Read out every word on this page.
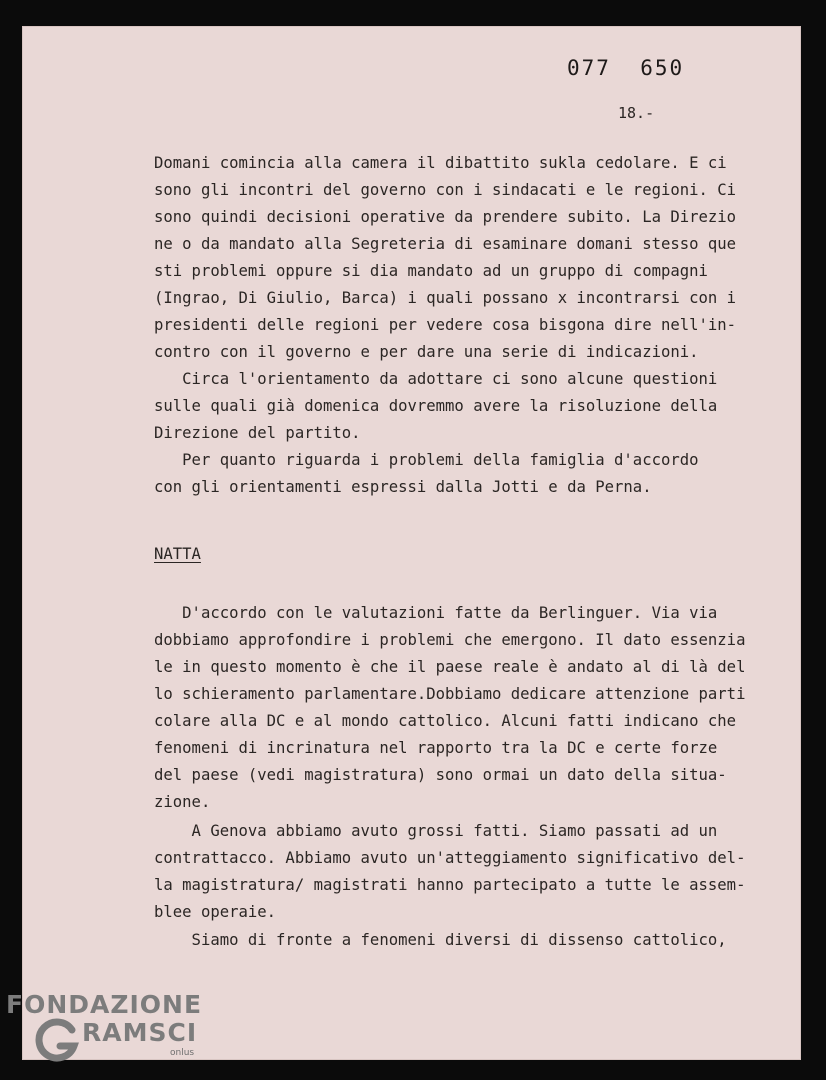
077  650
18.-
Domani comincia alla camera il dibattito sukla cedolare. E ci
sono gli incontri del governo con i sindacati e le regioni. Ci
sono quindi decisioni operative da prendere subito. La Direzio
ne o da mandato alla Segreteria di esaminare domani stesso que
sti problemi oppure si dia mandato ad un gruppo di compagni
(Ingrao, Di Giulio, Barca) i quali possano x incontrarsi con i
presidenti delle regioni per vedere cosa bisgona dire nell'in-
contro con il governo e per dare una serie di indicazioni.
Circa l'orientamento da adottare ci sono alcune questioni
sulle quali già domenica dovremmo avere la risoluzione della
Direzione del partito.
Per quanto riguarda i problemi della famiglia d'accordo
con gli orientamenti espressi dalla Jotti e da Perna.
NATTA
D'accordo con le valutazioni fatte da Berlinguer. Via via
dobbiamo approfondire i problemi che emergono. Il dato essenzia
le in questo momento è che il paese reale è andato al di là del
lo schieramento parlamentare.Dobbiamo dedicare attenzione parti
colare alla DC e al mondo cattolico. Alcuni fatti indicano che
fenomeni di incrinatura nel rapporto tra la DC e certe forze
del paese (vedi magistratura) sono ormai un dato della situa-
zione.
A Genova abbiamo avuto grossi fatti. Siamo passati ad un
contrattacco. Abbiamo avuto un'atteggiamento significativo del-
la magistratura/ magistrati hanno partecipato a tutte le assem-
blee operaie.
Siamo di fronte a fenomeni diversi di dissenso cattolico,
FONDAZIONE
RAMSCI
onlus
